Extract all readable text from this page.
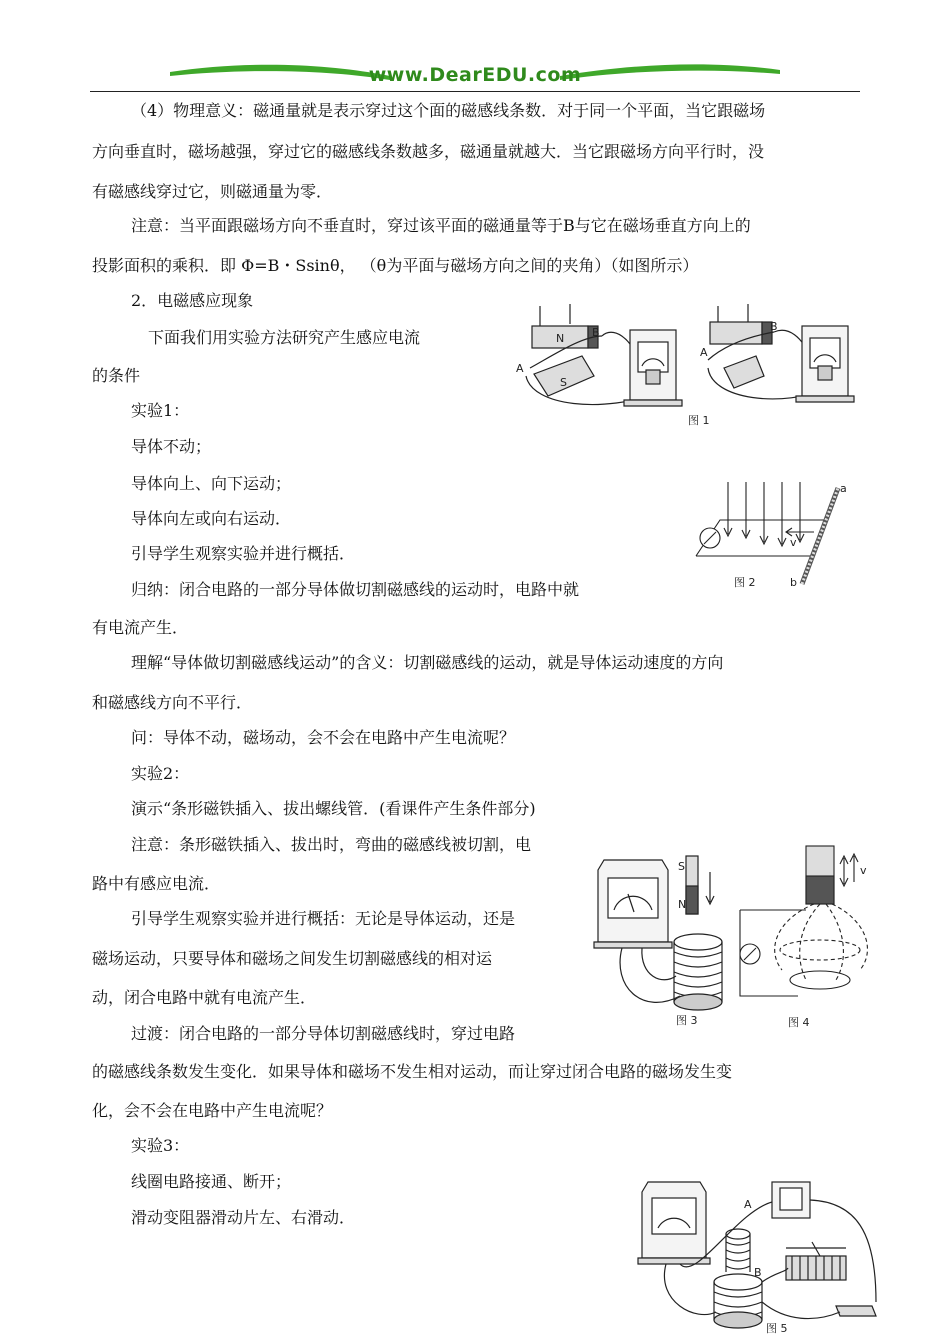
www.DearEDU.com
（4）物理意义：磁通量就是表示穿过这个面的磁感线条数．对于同一个平面，当它跟磁场
方向垂直时，磁场越强，穿过它的磁感线条数越多，磁通量就越大．当它跟磁场方向平行时，没
有磁感线穿过它，则磁通量为零．
注意：当平面跟磁场方向不垂直时，穿过该平面的磁通量等于B与它在磁场垂直方向上的
投影面积的乘积．即 Φ=B・Ssinθ， （θ为平面与磁场方向之间的夹角）（如图所示）
2．电磁感应现象
下面我们用实验方法研究产生感应电流
的条件
实验1：
导体不动；
导体向上、向下运动；
导体向左或向右运动．
引导学生观察实验并进行概括．
归纳：闭合电路的一部分导体做切割磁感线的运动时，电路中就
有电流产生．
理解“导体做切割磁感线运动”的含义：切割磁感线的运动，就是导体运动速度的方向
和磁感线方向不平行．
问：导体不动，磁场动，会不会在电路中产生电流呢？
实验2：
演示“条形磁铁插入、拔出螺线管．(看课件产生条件部分)
注意：条形磁铁插入、拔出时，弯曲的磁感线被切割，电
路中有感应电流．
引导学生观察实验并进行概括：无论是导体运动，还是
磁场运动，只要导体和磁场之间发生切割磁感线的相对运
动，闭合电路中就有电流产生．
过渡：闭合电路的一部分导体切割磁感线时，穿过电路
的磁感线条数发生变化．如果导体和磁场不发生相对运动，而让穿过闭合电路的磁场发生变
化，会不会在电路中产生电流呢？
实验3：
线圈电路接通、断开；
滑动变阻器滑动片左、右滑动．
N
S
A
B
A
B
图 1
a
b
v
图 2
S
N
图 3
v
图 4
A
B
图 5
